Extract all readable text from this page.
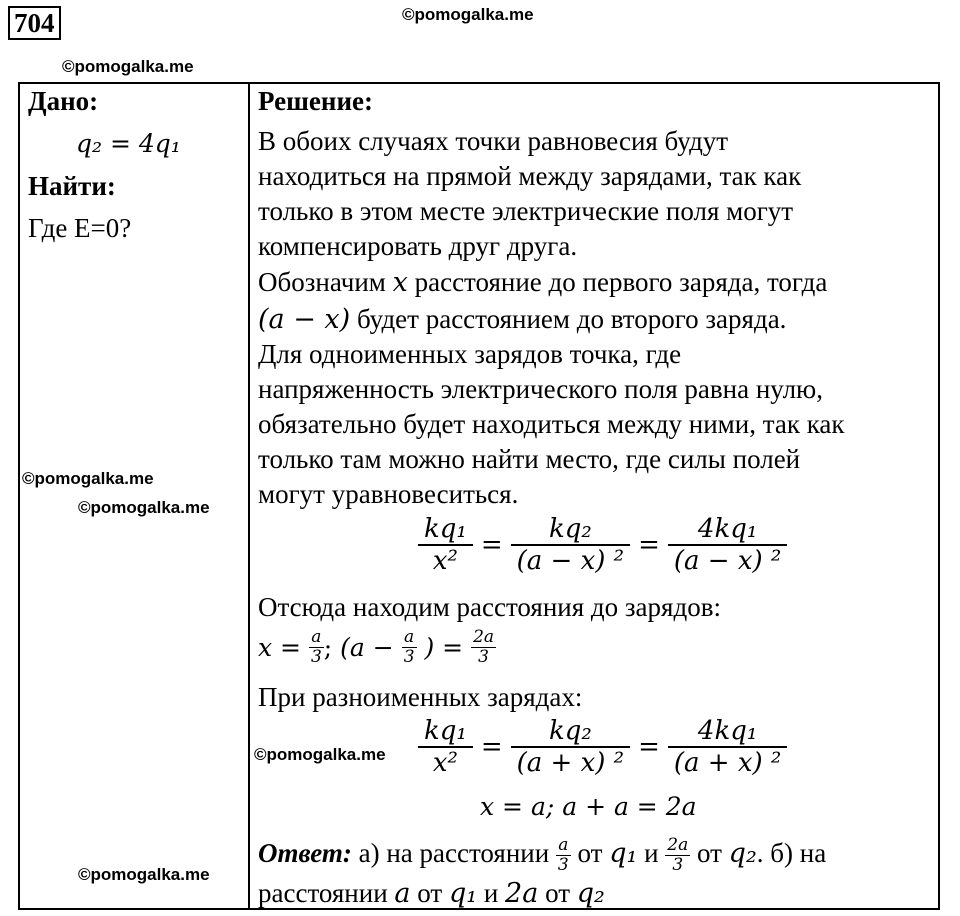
704	©pomogalka.me
©pomogalka.me
©pomogalka.me
©pomogalka.me
©pomogalka.me
©pomogalka.me
Дано:
q₂ = 4q₁
Найти:
Где E=0?
Решение:
В обоих случаях точки равновесия будут
находиться на прямой между зарядами, так как
только в этом месте электрические поля могут
компенсировать друг друга.
Обозначим x расстояние до первого заряда, тогда
(a − x) будет расстоянием до второго заряда.
Для одноименных зарядов точка, где
напряженность электрического поля равна нулю,
обязательно будет находиться между ними, так как
только там можно найти место, где силы полей
могут уравновеситься.
$\frac{\text{kq₁}}{\text{x²}} = \frac{\text{kq₂}}{\text{(a − x) ²}} = \frac{\text{4kq₁}}{\text{(a − x) ²}}$
Отсюда находим расстояния до зарядов:
$x = \frac{a}{3}$ ; ($a - \frac{a}{3}$ ) = $\frac{2a}{3}$
При разноименных зарядах:
$\frac{\text{kq₁}}{\text{x²}} = \frac{\text{kq₂}}{\text{(a + x) ²}} = \frac{\text{4kq₁}}{\text{(a + x) ²}}$
x = a; a + a = 2a
Ответ: а) на расстоянии $\frac{a}{3}$ от q₁ и $\frac{2a}{3}$ от q₂. б) на
расстоянии a от q₁ и 2a от q₂
